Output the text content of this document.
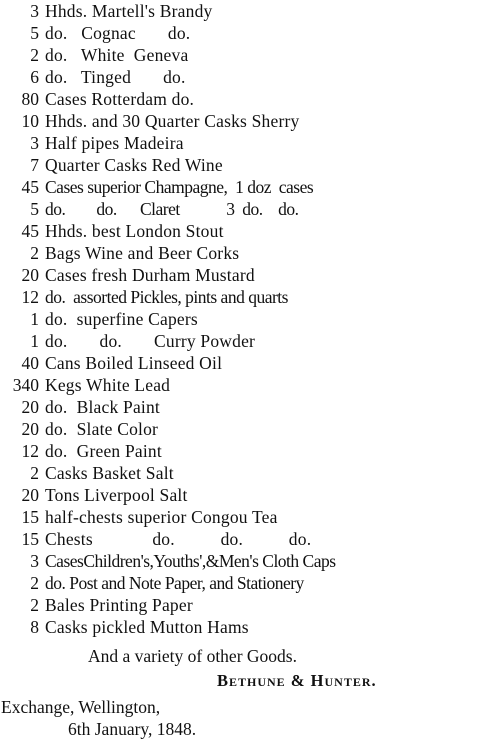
3

Hhds. Martell's Brandy

5

do.   Cognac       do.

2

do.   White  Geneva

6

do.   Tinged       do.

80

Cases Rotterdam do.

10

Hhds. and 30 Quarter Casks Sherry

3

Half pipes Madeira

7

Quarter Casks Red Wine

45

Cases superior Champagne,  1 doz  cases

5

do.        do.      Claret            3  do.    do.

45

Hhds. best London Stout

2

Bags Wine and Beer Corks

20

Cases fresh Durham Mustard

12

do.  assorted Pickles, pints and quarts

1

do.  superfine Capers

1

do.       do.       Curry Powder

40

Cans Boiled Linseed Oil

340

Kegs White Lead

20

do.  Black Paint

20

do.  Slate Color

12

do.  Green Paint

2

Casks Basket Salt

20

Tons Liverpool Salt

15

half-chests superior Congou Tea

15

Chests             do.          do.          do.

3

CasesChildren's,Youths',&Men's Cloth Caps

2

do. Post and Note Paper, and Stationery

2

Bales Printing Paper

8

Casks pickled Mutton Hams

And a variety of other Goods.
Bethune & Hunter.
Exchange, Wellington,
6th January, 1848.
